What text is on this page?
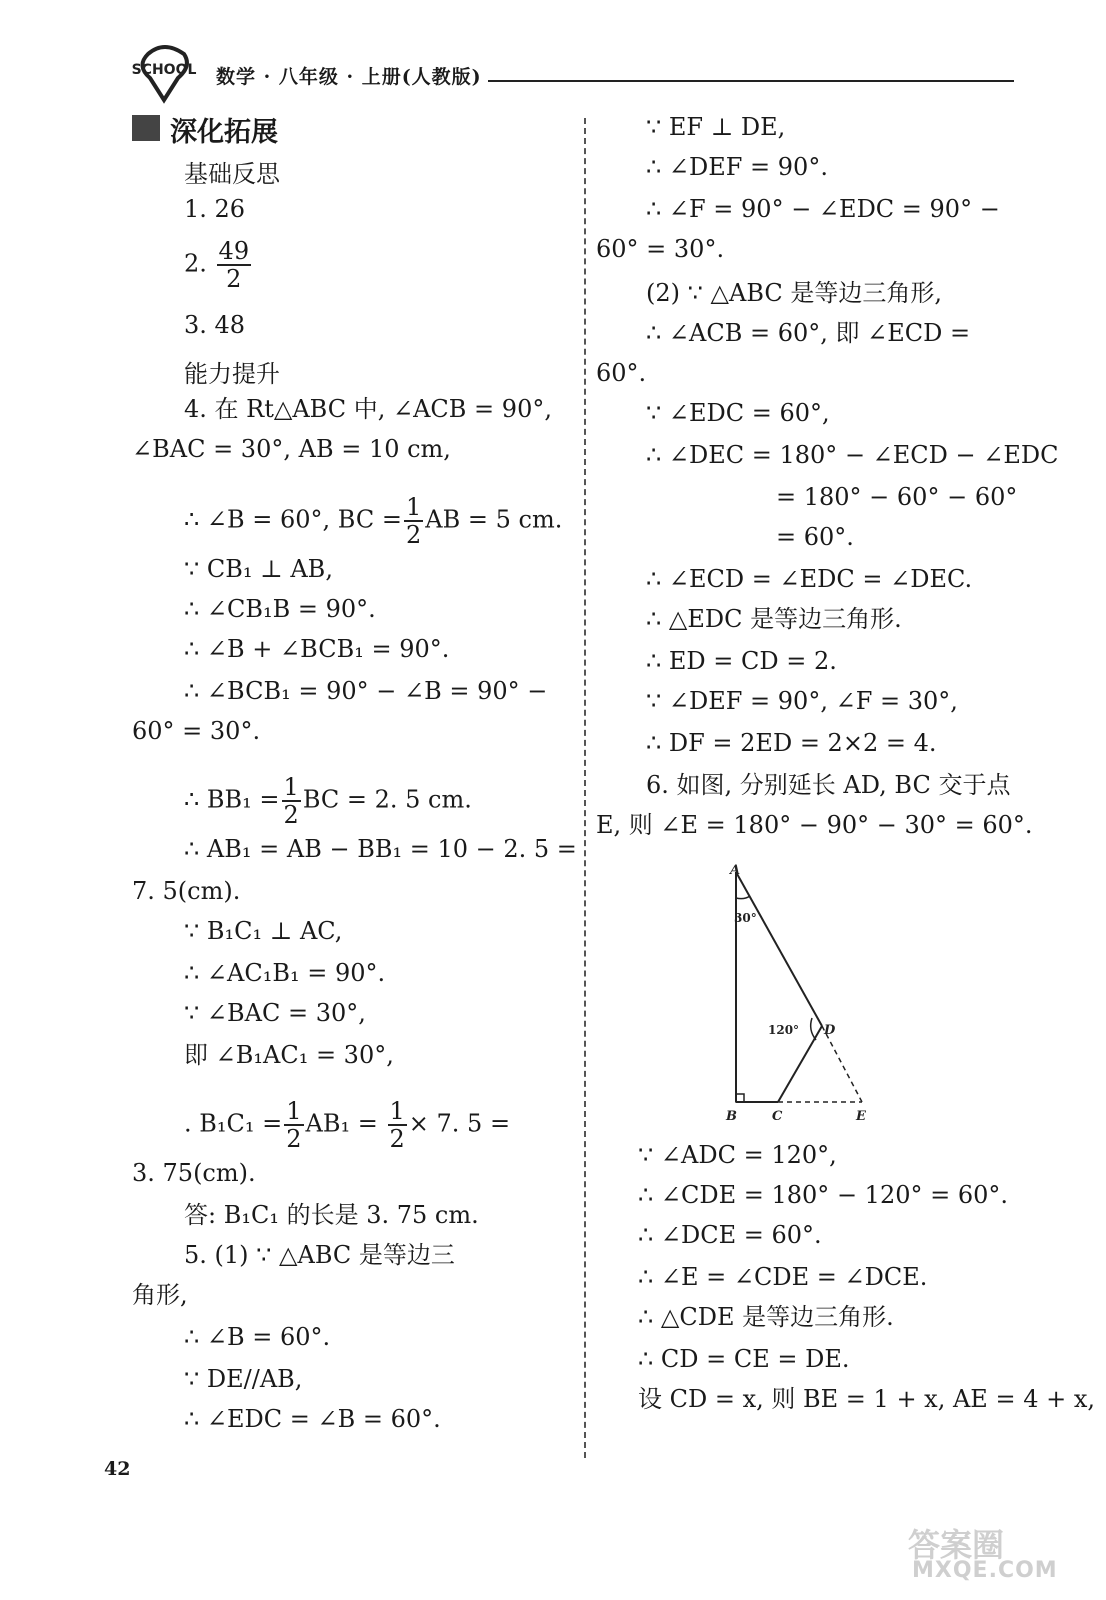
SCHOOL 数学 · 八年级 · 上册(人教版)
深化拓展
基础反思
1. 26
2. $\frac{49}{2}$
3. 48
能力提升
4. 在 Rt△ABC 中, ∠ACB = 90°,
∠BAC = 30°, AB = 10 cm,
∴ ∠B = 60°, BC = $\frac{1}{2}$ AB = 5 cm.
∵ CB₁ ⊥ AB,
∴ ∠CB₁B = 90°.
∴ ∠B + ∠BCB₁ = 90°.
∴ ∠BCB₁ = 90° − ∠B = 90° −
60° = 30°.
∴ $BB_1 = \frac{1}{2}$ BC = 2. 5 cm.
∴ AB₁ = AB − BB₁ = 10 − 2. 5 =
7. 5(cm).
∵ B₁C₁ ⊥ AC,
∴ ∠AC₁B₁ = 90°.
∵ ∠BAC = 30°,
即 ∠B₁AC₁ = 30°,
. $B_1C_1 = \frac{1}{2} AB_1 = \frac{1}{2} \times 7$. 5 =
3. 75(cm).
答: B₁C₁ 的长是 3. 75 cm.
5. (1) ∵ △ABC 是等边三
角形,
∴ ∠B = 60°.
∵ DE//AB,
∴ ∠EDC = ∠B = 60°.
∵ EF ⊥ DE,
∴ ∠DEF = 90°.
∴ ∠F = 90° − ∠EDC = 90° −
60° = 30°.
(2) ∵ △ABC 是等边三角形,
∴ ∠ACB = 60°, 即 ∠ECD =
60°.
∵ ∠EDC = 60°,
∴ ∠DEC = 180° − ∠ECD − ∠EDC
= 180° − 60° − 60°
= 60°.
∴ ∠ECD = ∠EDC = ∠DEC.
∴ △EDC 是等边三角形.
∴ ED = CD = 2.
∵ ∠DEF = 90°, ∠F = 30°,
∴ DF = 2ED = 2×2 = 4.
6. 如图, 分别延长 AD, BC 交于点
E, 则 ∠E = 180° − 90° − 30° = 60°.
A
30°
120° D
B	C	E
∵ ∠ADC = 120°,
∴ ∠CDE = 180° − 120° = 60°.
∴ ∠DCE = 60°.
∴ ∠E = ∠CDE = ∠DCE.
∴ △CDE 是等边三角形.
∴ CD = CE = DE.
设 CD = x, 则 BE = 1 + x, AE = 4 + x,
42
答案圈
MXQE.COM
